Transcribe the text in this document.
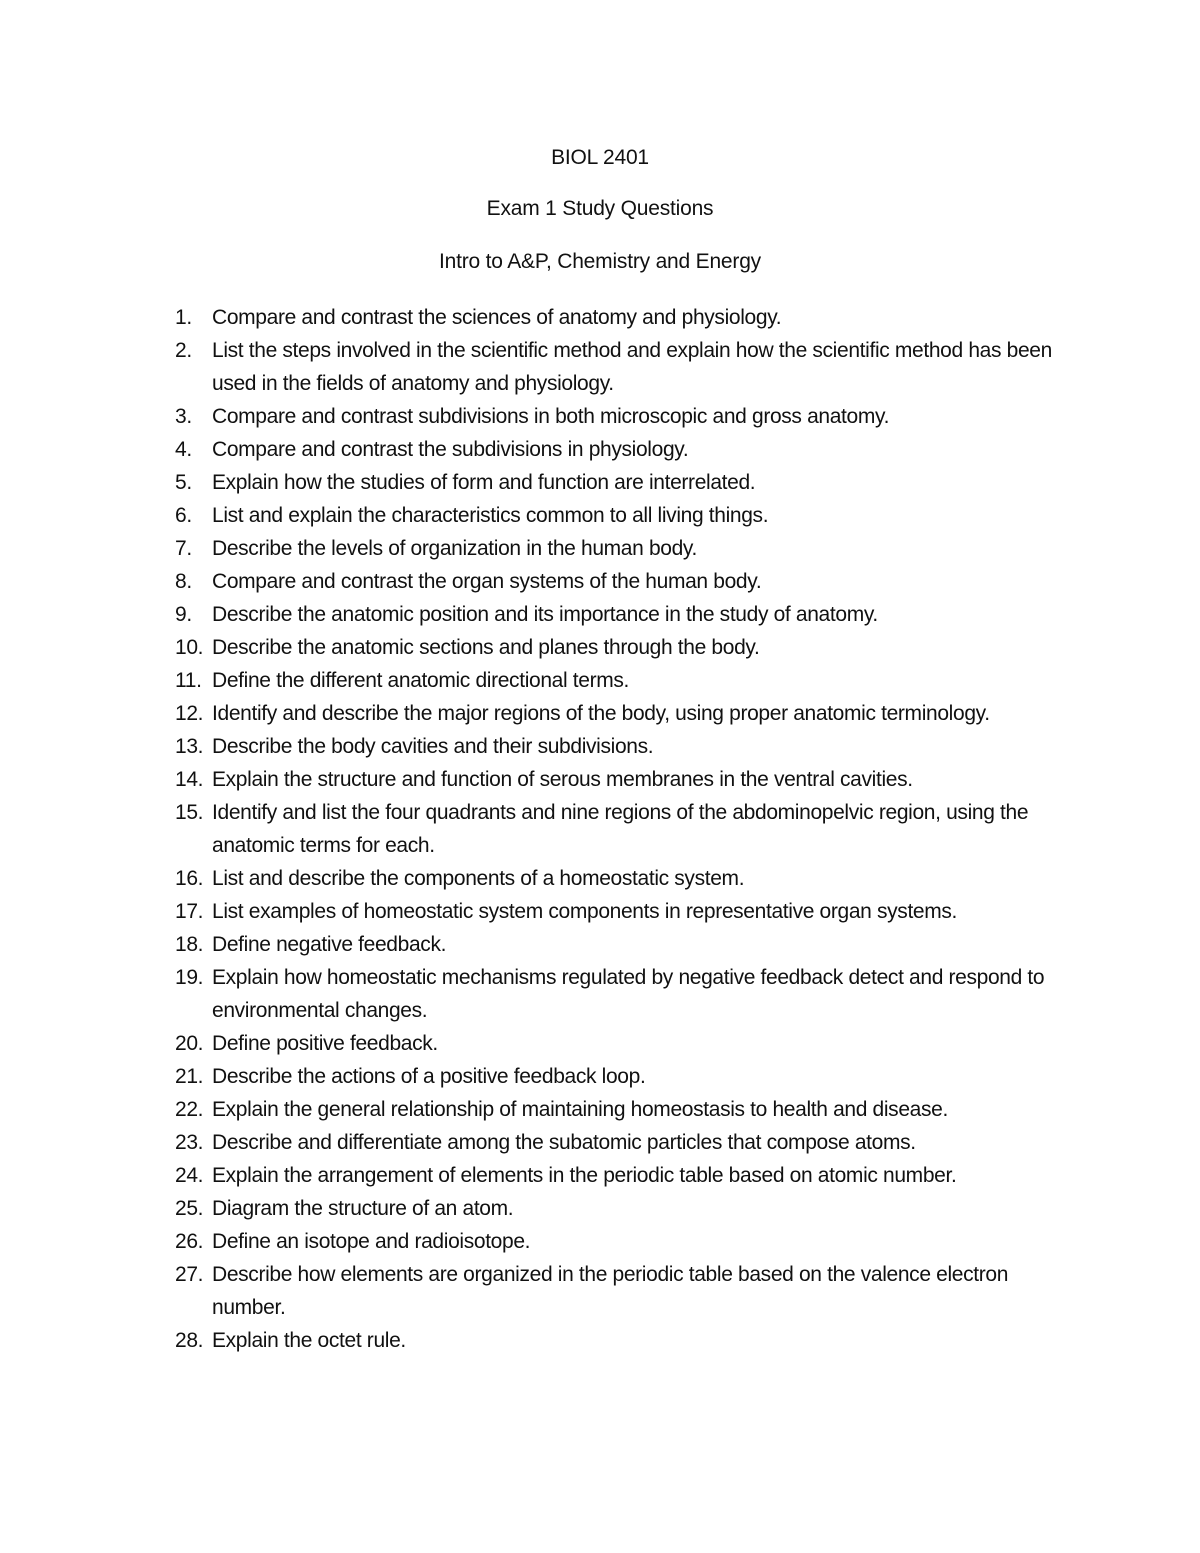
BIOL 2401
Exam 1 Study Questions
Intro to A&P, Chemistry and Energy
1. Compare and contrast the sciences of anatomy and physiology.
2. List the steps involved in the scientific method and explain how the scientific method has been used in the fields of anatomy and physiology.
3. Compare and contrast subdivisions in both microscopic and gross anatomy.
4. Compare and contrast the subdivisions in physiology.
5. Explain how the studies of form and function are interrelated.
6. List and explain the characteristics common to all living things.
7. Describe the levels of organization in the human body.
8. Compare and contrast the organ systems of the human body.
9. Describe the anatomic position and its importance in the study of anatomy.
10. Describe the anatomic sections and planes through the body.
11. Define the different anatomic directional terms.
12. Identify and describe the major regions of the body, using proper anatomic terminology.
13. Describe the body cavities and their subdivisions.
14. Explain the structure and function of serous membranes in the ventral cavities.
15. Identify and list the four quadrants and nine regions of the abdominopelvic region, using the anatomic terms for each.
16. List and describe the components of a homeostatic system.
17. List examples of homeostatic system components in representative organ systems.
18. Define negative feedback.
19. Explain how homeostatic mechanisms regulated by negative feedback detect and respond to environmental changes.
20. Define positive feedback.
21. Describe the actions of a positive feedback loop.
22. Explain the general relationship of maintaining homeostasis to health and disease.
23. Describe and differentiate among the subatomic particles that compose atoms.
24. Explain the arrangement of elements in the periodic table based on atomic number.
25. Diagram the structure of an atom.
26. Define an isotope and radioisotope.
27. Describe how elements are organized in the periodic table based on the valence electron number.
28. Explain the octet rule.
